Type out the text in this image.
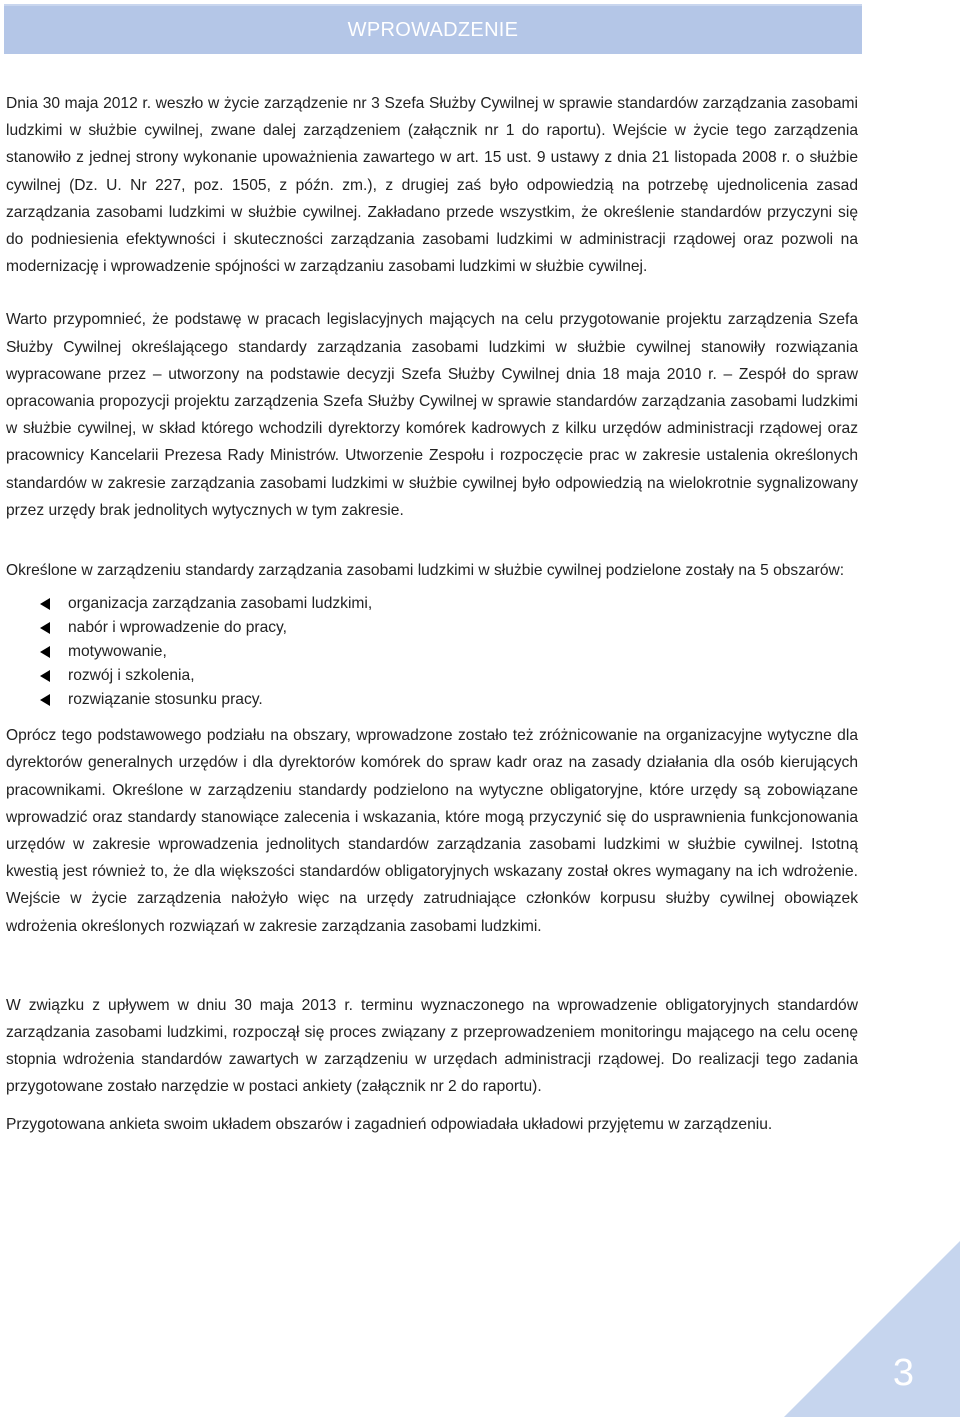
WPROWADZENIE

Dnia 30 maja 2012 r. weszło w życie zarządzenie nr 3 Szefa Służby Cywilnej w sprawie standardów zarządzania zasobami ludzkimi w służbie cywilnej, zwane dalej zarządzeniem (załącznik nr 1 do raportu). Wejście w życie tego zarządzenia stanowiło z jednej strony wykonanie upoważnienia zawartego w art. 15 ust. 9 ustawy z dnia 21 listopada 2008 r. o służbie cywilnej (Dz. U. Nr 227, poz. 1505, z późn. zm.), z drugiej zaś było odpowiedzią na potrzebę ujednolicenia zasad zarządzania zasobami ludzkimi w służbie cywilnej. Zakładano przede wszystkim, że określenie standardów przyczyni się do podniesienia efektywności i skuteczności zarządzania zasobami ludzkimi w administracji rządowej oraz pozwoli na modernizację i wprowadzenie spójności w zarządzaniu zasobami ludzkimi w służbie cywilnej.

Warto przypomnieć, że podstawę w pracach legislacyjnych mających na celu przygotowanie projektu zarządzenia Szefa Służby Cywilnej określającego standardy zarządzania zasobami ludzkimi w służbie cywilnej stanowiły rozwiązania wypracowane przez – utworzony na podstawie decyzji Szefa Służby Cywilnej dnia 18 maja 2010 r. – Zespół do spraw opracowania propozycji projektu zarządzenia Szefa Służby Cywilnej w sprawie standardów zarządzania zasobami ludzkimi w służbie cywilnej, w skład którego wchodzili dyrektorzy komórek kadrowych z kilku urzędów administracji rządowej oraz pracownicy Kancelarii Prezesa Rady Ministrów. Utworzenie Zespołu i rozpoczęcie prac w zakresie ustalenia określonych standardów w zakresie zarządzania zasobami ludzkimi w służbie cywilnej było odpowiedzią na wielokrotnie sygnalizowany przez urzędy brak jednolitych wytycznych w tym zakresie.

Określone w zarządzeniu standardy zarządzania zasobami ludzkimi w służbie cywilnej podzielone zostały na 5 obszarów:

organizacja zarządzania zasobami ludzkimi,
nabór i wprowadzenie do pracy,
motywowanie,
rozwój i szkolenia,
rozwiązanie stosunku pracy.

Oprócz tego podstawowego podziału na obszary, wprowadzone zostało też zróżnicowanie na organizacyjne wytyczne dla dyrektorów generalnych urzędów i dla dyrektorów komórek do spraw kadr oraz na zasady działania dla osób kierujących pracownikami. Określone w zarządzeniu standardy podzielono na wytyczne obligatoryjne, które urzędy są zobowiązane wprowadzić oraz standardy stanowiące zalecenia i wskazania, które mogą przyczynić się do usprawnienia funkcjonowania urzędów w zakresie wprowadzenia jednolitych standardów zarządzania zasobami ludzkimi w służbie cywilnej. Istotną kwestią jest również to, że dla większości standardów obligatoryjnych wskazany został okres wymagany na ich wdrożenie. Wejście w życie zarządzenia nałożyło więc na urzędy zatrudniające członków korpusu służby cywilnej obowiązek wdrożenia określonych rozwiązań w zakresie zarządzania zasobami ludzkimi.

W związku z upływem w dniu 30 maja 2013 r. terminu wyznaczonego na wprowadzenie obligatoryjnych standardów zarządzania zasobami ludzkimi, rozpoczął się proces związany z przeprowadzeniem monitoringu mającego na celu ocenę stopnia wdrożenia standardów zawartych w zarządzeniu w urzędach administracji rządowej. Do realizacji tego zadania przygotowane zostało narzędzie w postaci ankiety (załącznik nr 2 do raportu).

Przygotowana ankieta swoim układem obszarów i zagadnień odpowiadała układowi przyjętemu w zarządzeniu.

3
